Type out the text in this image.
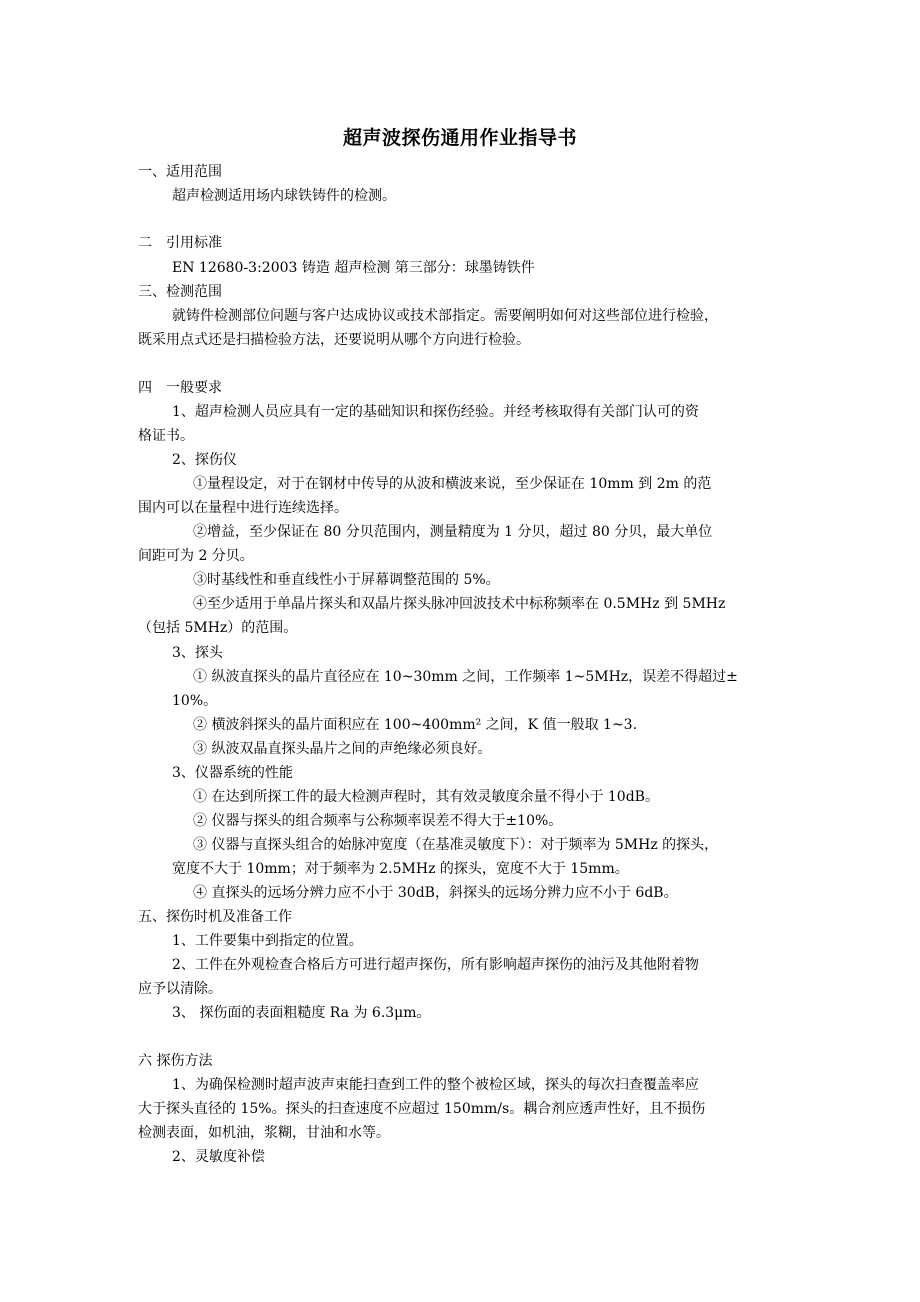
超声波探伤通用作业指导书
一、适用范围
超声检测适用场内球铁铸件的检测。
二　引用标准
EN 12680-3:2003 铸造 超声检测 第三部分：球墨铸铁件
三、检测范围
就铸件检测部位问题与客户达成协议或技术部指定。需要阐明如何对这些部位进行检验，
既采用点式还是扫描检验方法，还要说明从哪个方向进行检验。
四　一般要求
1、超声检测人员应具有一定的基础知识和探伤经验。并经考核取得有关部门认可的资
格证书。
2、探伤仪
①量程设定，对于在钢材中传导的从波和横波来说，至少保证在 10mm 到 2m 的范
围内可以在量程中进行连续选择。
②增益，至少保证在 80 分贝范围内，测量精度为 1 分贝，超过 80 分贝，最大单位
间距可为 2 分贝。
③时基线性和垂直线性小于屏幕调整范围的 5%。
④至少适用于单晶片探头和双晶片探头脉冲回波技术中标称频率在 0.5MHz 到 5MHz
（包括 5MHz）的范围。
3、探头
① 纵波直探头的晶片直径应在 10~30mm 之间，工作频率 1~5MHz，误差不得超过±
10%。
② 横波斜探头的晶片面积应在 100~400mm² 之间，K 值一般取 1~3.
③ 纵波双晶直探头晶片之间的声绝缘必须良好。
3、仪器系统的性能
① 在达到所探工件的最大检测声程时，其有效灵敏度余量不得小于 10dB。
② 仪器与探头的组合频率与公称频率误差不得大于±10%。
③ 仪器与直探头组合的始脉冲宽度（在基准灵敏度下）：对于频率为 5MHz 的探头，
宽度不大于 10mm；对于频率为 2.5MHz 的探头，宽度不大于 15mm。
④ 直探头的远场分辨力应不小于 30dB，斜探头的远场分辨力应不小于 6dB。
五、探伤时机及准备工作
1、工件要集中到指定的位置。
2、工件在外观检查合格后方可进行超声探伤，所有影响超声探伤的油污及其他附着物
应予以清除。
3、 探伤面的表面粗糙度 Ra 为 6.3μm。
六 探伤方法
1、为确保检测时超声波声束能扫查到工件的整个被检区域，探头的每次扫查覆盖率应
大于探头直径的 15%。探头的扫查速度不应超过 150mm/s。耦合剂应透声性好，且不损伤
检测表面，如机油，浆糊，甘油和水等。
2、灵敏度补偿
